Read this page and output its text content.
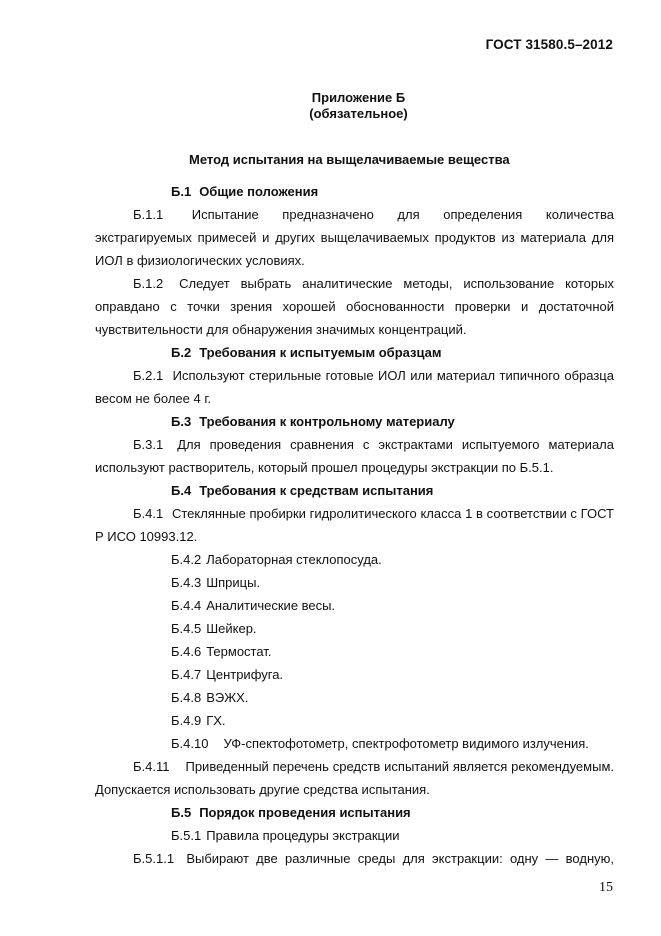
ГОСТ 31580.5–2012
Приложение Б
(обязательное)
Метод испытания на выщелачиваемые вещества

Б.1 Общие положения

Б.1.1 Испытание предназначено для определения количества экстрагируемых примесей и других выщелачиваемых продуктов из материала для ИОЛ в физиологических условиях.

Б.1.2 Следует выбрать аналитические методы, использование которых оправдано с точки зрения хорошей обоснованности проверки и достаточной чувствительности для обнаружения значимых концентраций.

Б.2 Требования к испытуемым образцам

Б.2.1 Используют стерильные готовые ИОЛ или материал типичного образца весом не более 4 г.

Б.3 Требования к контрольному материалу

Б.3.1 Для проведения сравнения с экстрактами испытуемого материала используют растворитель, который прошел процедуры экстракции по Б.5.1.

Б.4 Требования к средствам испытания

Б.4.1 Стеклянные пробирки гидролитического класса 1 в соответствии с ГОСТ Р ИСО 10993.12.

Б.4.2 Лабораторная стеклопосуда.

Б.4.3 Шприцы.

Б.4.4 Аналитические весы.

Б.4.5 Шейкер.

Б.4.6 Термостат.

Б.4.7 Центрифуга.

Б.4.8 ВЭЖХ.

Б.4.9 ГХ.

Б.4.10 УФ-спектофотометр, спектрофотометр видимого излучения.

Б.4.11 Приведенный перечень средств испытаний является рекомендуемым. Допускается использовать другие средства испытания.

Б.5 Порядок проведения испытания

Б.5.1 Правила процедуры экстракции

Б.5.1.1 Выбирают две различные среды для экстракции: одну — водную,

15
